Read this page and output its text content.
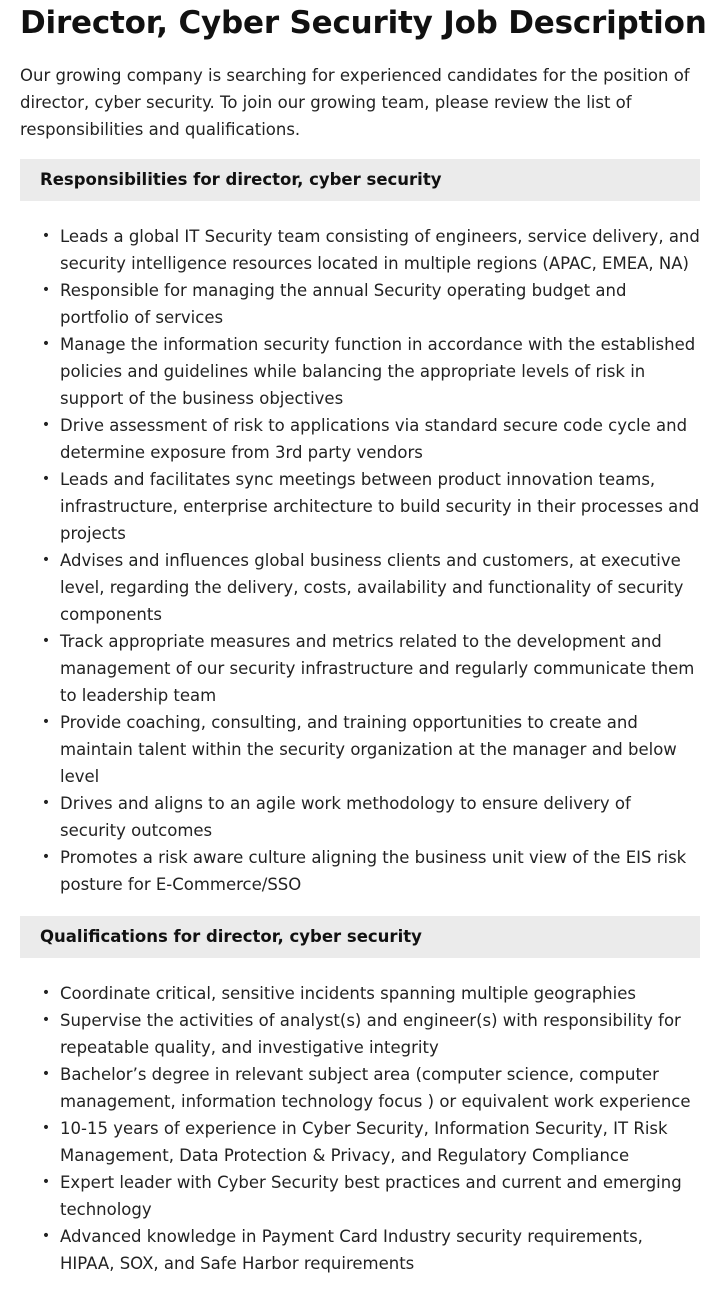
Director, Cyber Security Job Description

Our growing company is searching for experienced candidates for the position of director, cyber security. To join our growing team, please review the list of responsibilities and qualifications.

Responsibilities for director, cyber security
• Leads a global IT Security team consisting of engineers, service delivery, and security intelligence resources located in multiple regions (APAC, EMEA, NA)
• Responsible for managing the annual Security operating budget and portfolio of services
• Manage the information security function in accordance with the established policies and guidelines while balancing the appropriate levels of risk in support of the business objectives
• Drive assessment of risk to applications via standard secure code cycle and determine exposure from 3rd party vendors
• Leads and facilitates sync meetings between product innovation teams, infrastructure, enterprise architecture to build security in their processes and projects
• Advises and influences global business clients and customers, at executive level, regarding the delivery, costs, availability and functionality of security components
• Track appropriate measures and metrics related to the development and management of our security infrastructure and regularly communicate them to leadership team
• Provide coaching, consulting, and training opportunities to create and maintain talent within the security organization at the manager and below level
• Drives and aligns to an agile work methodology to ensure delivery of security outcomes
• Promotes a risk aware culture aligning the business unit view of the EIS risk posture for E-Commerce/SSO
Qualifications for director, cyber security
• Coordinate critical, sensitive incidents spanning multiple geographies
• Supervise the activities of analyst(s) and engineer(s) with responsibility for repeatable quality, and investigative integrity
• Bachelor’s degree in relevant subject area (computer science, computer management, information technology focus ) or equivalent work experience
• 10-15 years of experience in Cyber Security, Information Security, IT Risk Management, Data Protection & Privacy, and Regulatory Compliance
• Expert leader with Cyber Security best practices and current and emerging technology
• Advanced knowledge in Payment Card Industry security requirements, HIPAA, SOX, and Safe Harbor requirements
